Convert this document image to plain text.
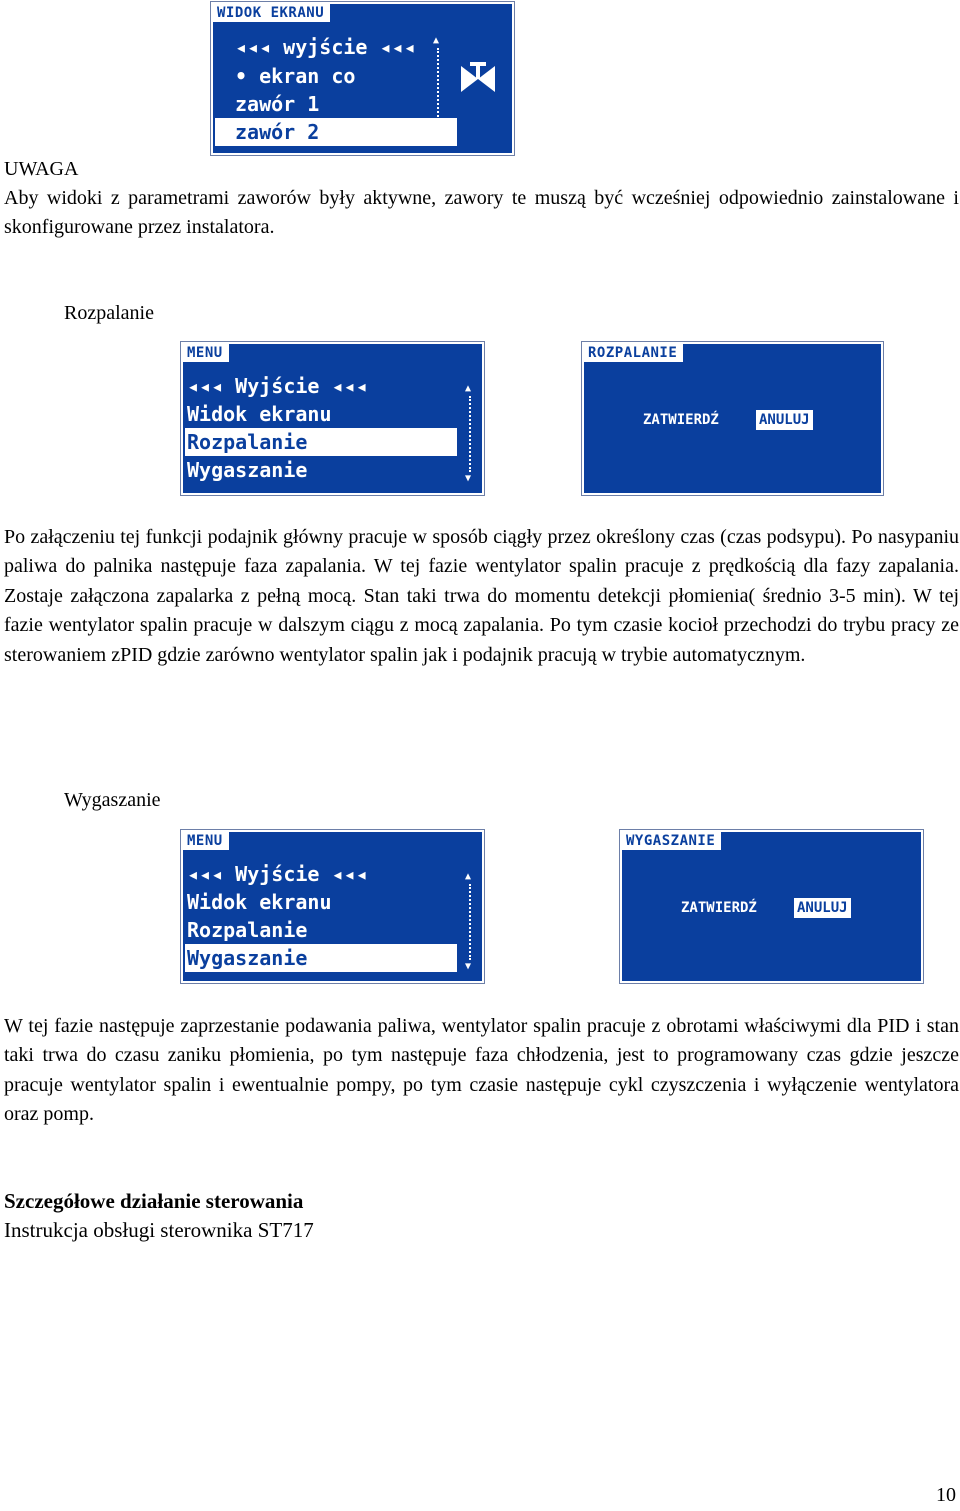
WIDOK EKRANU
◂◂◂ wyjście ◂◂◂
• ekran co
zawór 1
zawór 2
▲
▼

UWAGA

Aby widoki z parametrami zaworów były aktywne, zawory te muszą być wcześniej odpowiednio zainstalowane i skonfigurowane przez instalatora.

Rozpalanie
MENU
◂◂◂ Wyjście ◂◂◂
Widok ekranu
Rozpalanie
Wygaszanie
▲
▼
ROZPALANIE
ZATWIERDŹ	ANULUJ

Po załączeniu tej funkcji podajnik główny pracuje w sposób ciągły przez określony czas (czas podsypu). Po nasypaniu paliwa do palnika następuje faza zapalania. W tej fazie wentylator spalin pracuje z prędkością dla fazy zapalania. Zostaje załączona zapalarka z pełną mocą. Stan taki trwa do momentu detekcji płomienia( średnio 3-5 min). W tej fazie wentylator spalin pracuje w dalszym ciągu z mocą zapalania. Po tym czasie kocioł przechodzi do trybu pracy ze sterowaniem zPID gdzie zarówno wentylator spalin jak i podajnik pracują w trybie automatycznym.

Wygaszanie
MENU
◂◂◂ Wyjście ◂◂◂
Widok ekranu
Rozpalanie
Wygaszanie
▲
▼
WYGASZANIE
ZATWIERDŹ	ANULUJ

W tej fazie następuje zaprzestanie podawania paliwa, wentylator spalin pracuje z obrotami właściwymi dla PID i stan taki trwa do czasu zaniku płomienia, po tym następuje faza chłodzenia, jest to programowany czas gdzie jeszcze pracuje wentylator spalin i ewentualnie pompy, po tym czasie następuje cykl czyszczenia i wyłączenie wentylatora oraz pomp.

Szczegółowe działanie sterowania

Instrukcja obsługi sterownika ST717

10
